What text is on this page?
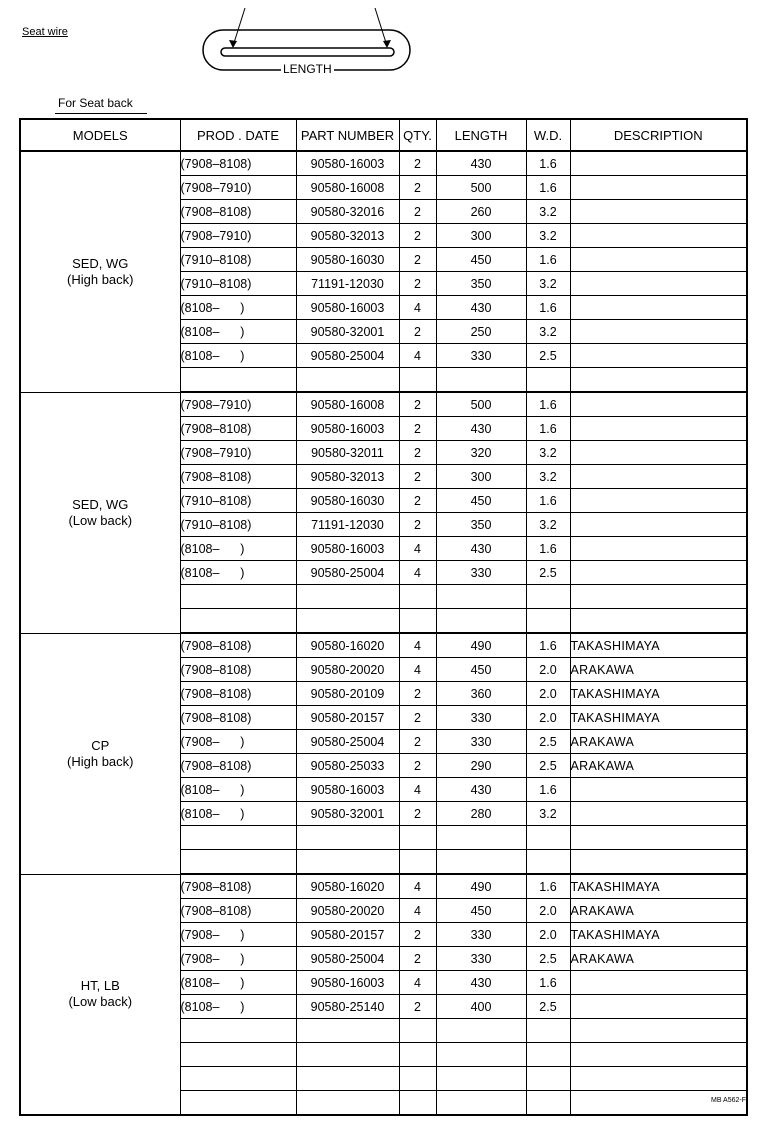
Seat wire
LENGTH
For Seat back
MODELS	PROD . DATE	PART NUMBER	QTY.	LENGTH	W.D.	DESCRIPTION

SED, WG
(High back)	(7908–8108)	90580-16003	2	430	1.6	
	(7908–7910)	90580-16008	2	500	1.6	
	(7908–8108)	90580-32016	2	260	3.2	
	(7908–7910)	90580-32013	2	300	3.2	
	(7910–8108)	90580-16030	2	450	1.6	
	(7910–8108)	71191-12030	2	350	3.2	
	(8108–      )	90580-16003	4	430	1.6	
	(8108–      )	90580-32001	2	250	3.2	
	(8108–      )	90580-25004	4	330	2.5	

SED, WG
(Low back)	(7908–7910)	90580-16008	2	500	1.6	
	(7908–8108)	90580-16003	2	430	1.6	
	(7908–7910)	90580-32011	2	320	3.2	
	(7908–8108)	90580-32013	2	300	3.2	
	(7910–8108)	90580-16030	2	450	1.6	
	(7910–8108)	71191-12030	2	350	3.2	
	(8108–      )	90580-16003	4	430	1.6	
	(8108–      )	90580-25004	4	330	2.5	

CP
(High back)	(7908–8108)	90580-16020	4	490	1.6	TAKASHIMAYA
	(7908–8108)	90580-20020	4	450	2.0	ARAKAWA
	(7908–8108)	90580-20109	2	360	2.0	TAKASHIMAYA
	(7908–8108)	90580-20157	2	330	2.0	TAKASHIMAYA
	(7908–      )	90580-25004	2	330	2.5	ARAKAWA
	(7908–8108)	90580-25033	2	290	2.5	ARAKAWA
	(8108–      )	90580-16003	4	430	1.6	
	(8108–      )	90580-32001	2	280	3.2	

HT, LB
(Low back)	(7908–8108)	90580-16020	4	490	1.6	TAKASHIMAYA
	(7908–8108)	90580-20020	4	450	2.0	ARAKAWA
	(7908–      )	90580-20157	2	330	2.0	TAKASHIMAYA
	(7908–      )	90580-25004	2	330	2.5	ARAKAWA
	(8108–      )	90580-16003	4	430	1.6	
	(8108–      )	90580-25140	2	400	2.5	

MB A562-F
